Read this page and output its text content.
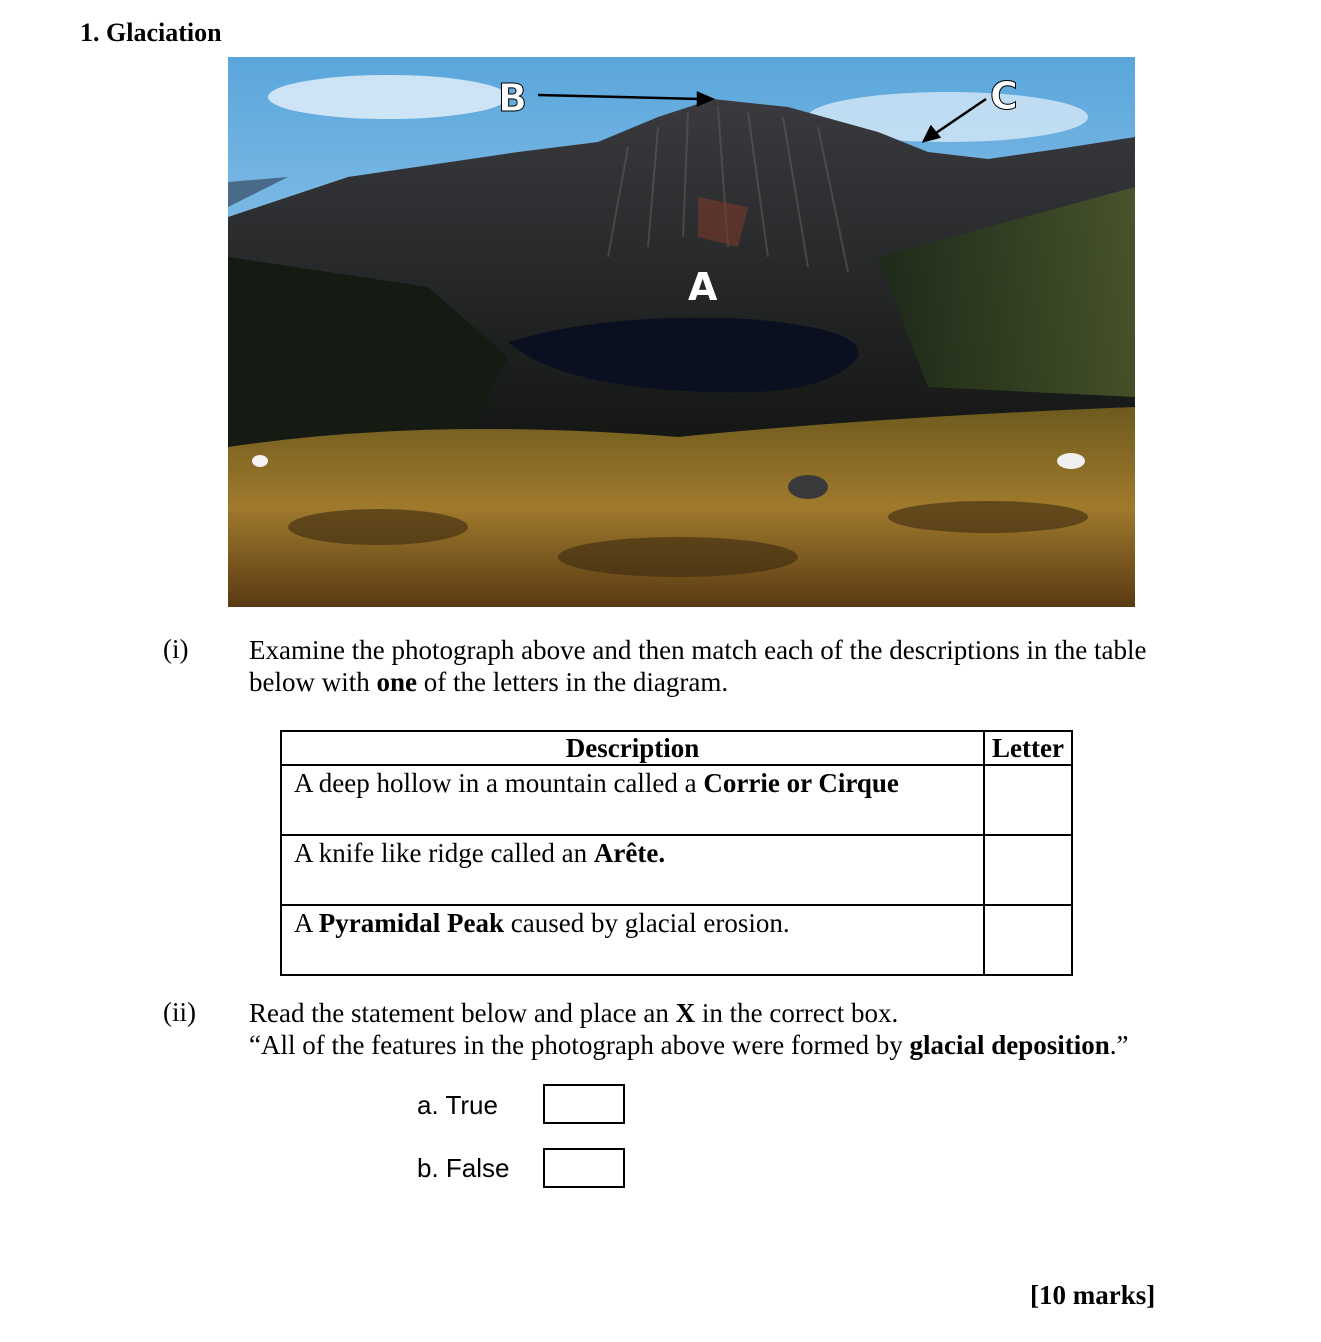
1. Glaciation
B	C
A
(i) Examine the photograph above and then match each of the descriptions in the table
below with one of the letters in the diagram.
Description	Letter
A deep hollow in a mountain called a Corrie or Cirque	
A knife like ridge called an Arête.	
A Pyramidal Peak caused by glacial erosion.	
(ii) Read the statement below and place an X in the correct box.
“All of the features in the photograph above were formed by glacial deposition.”
a. True
b. False
[10 marks]
